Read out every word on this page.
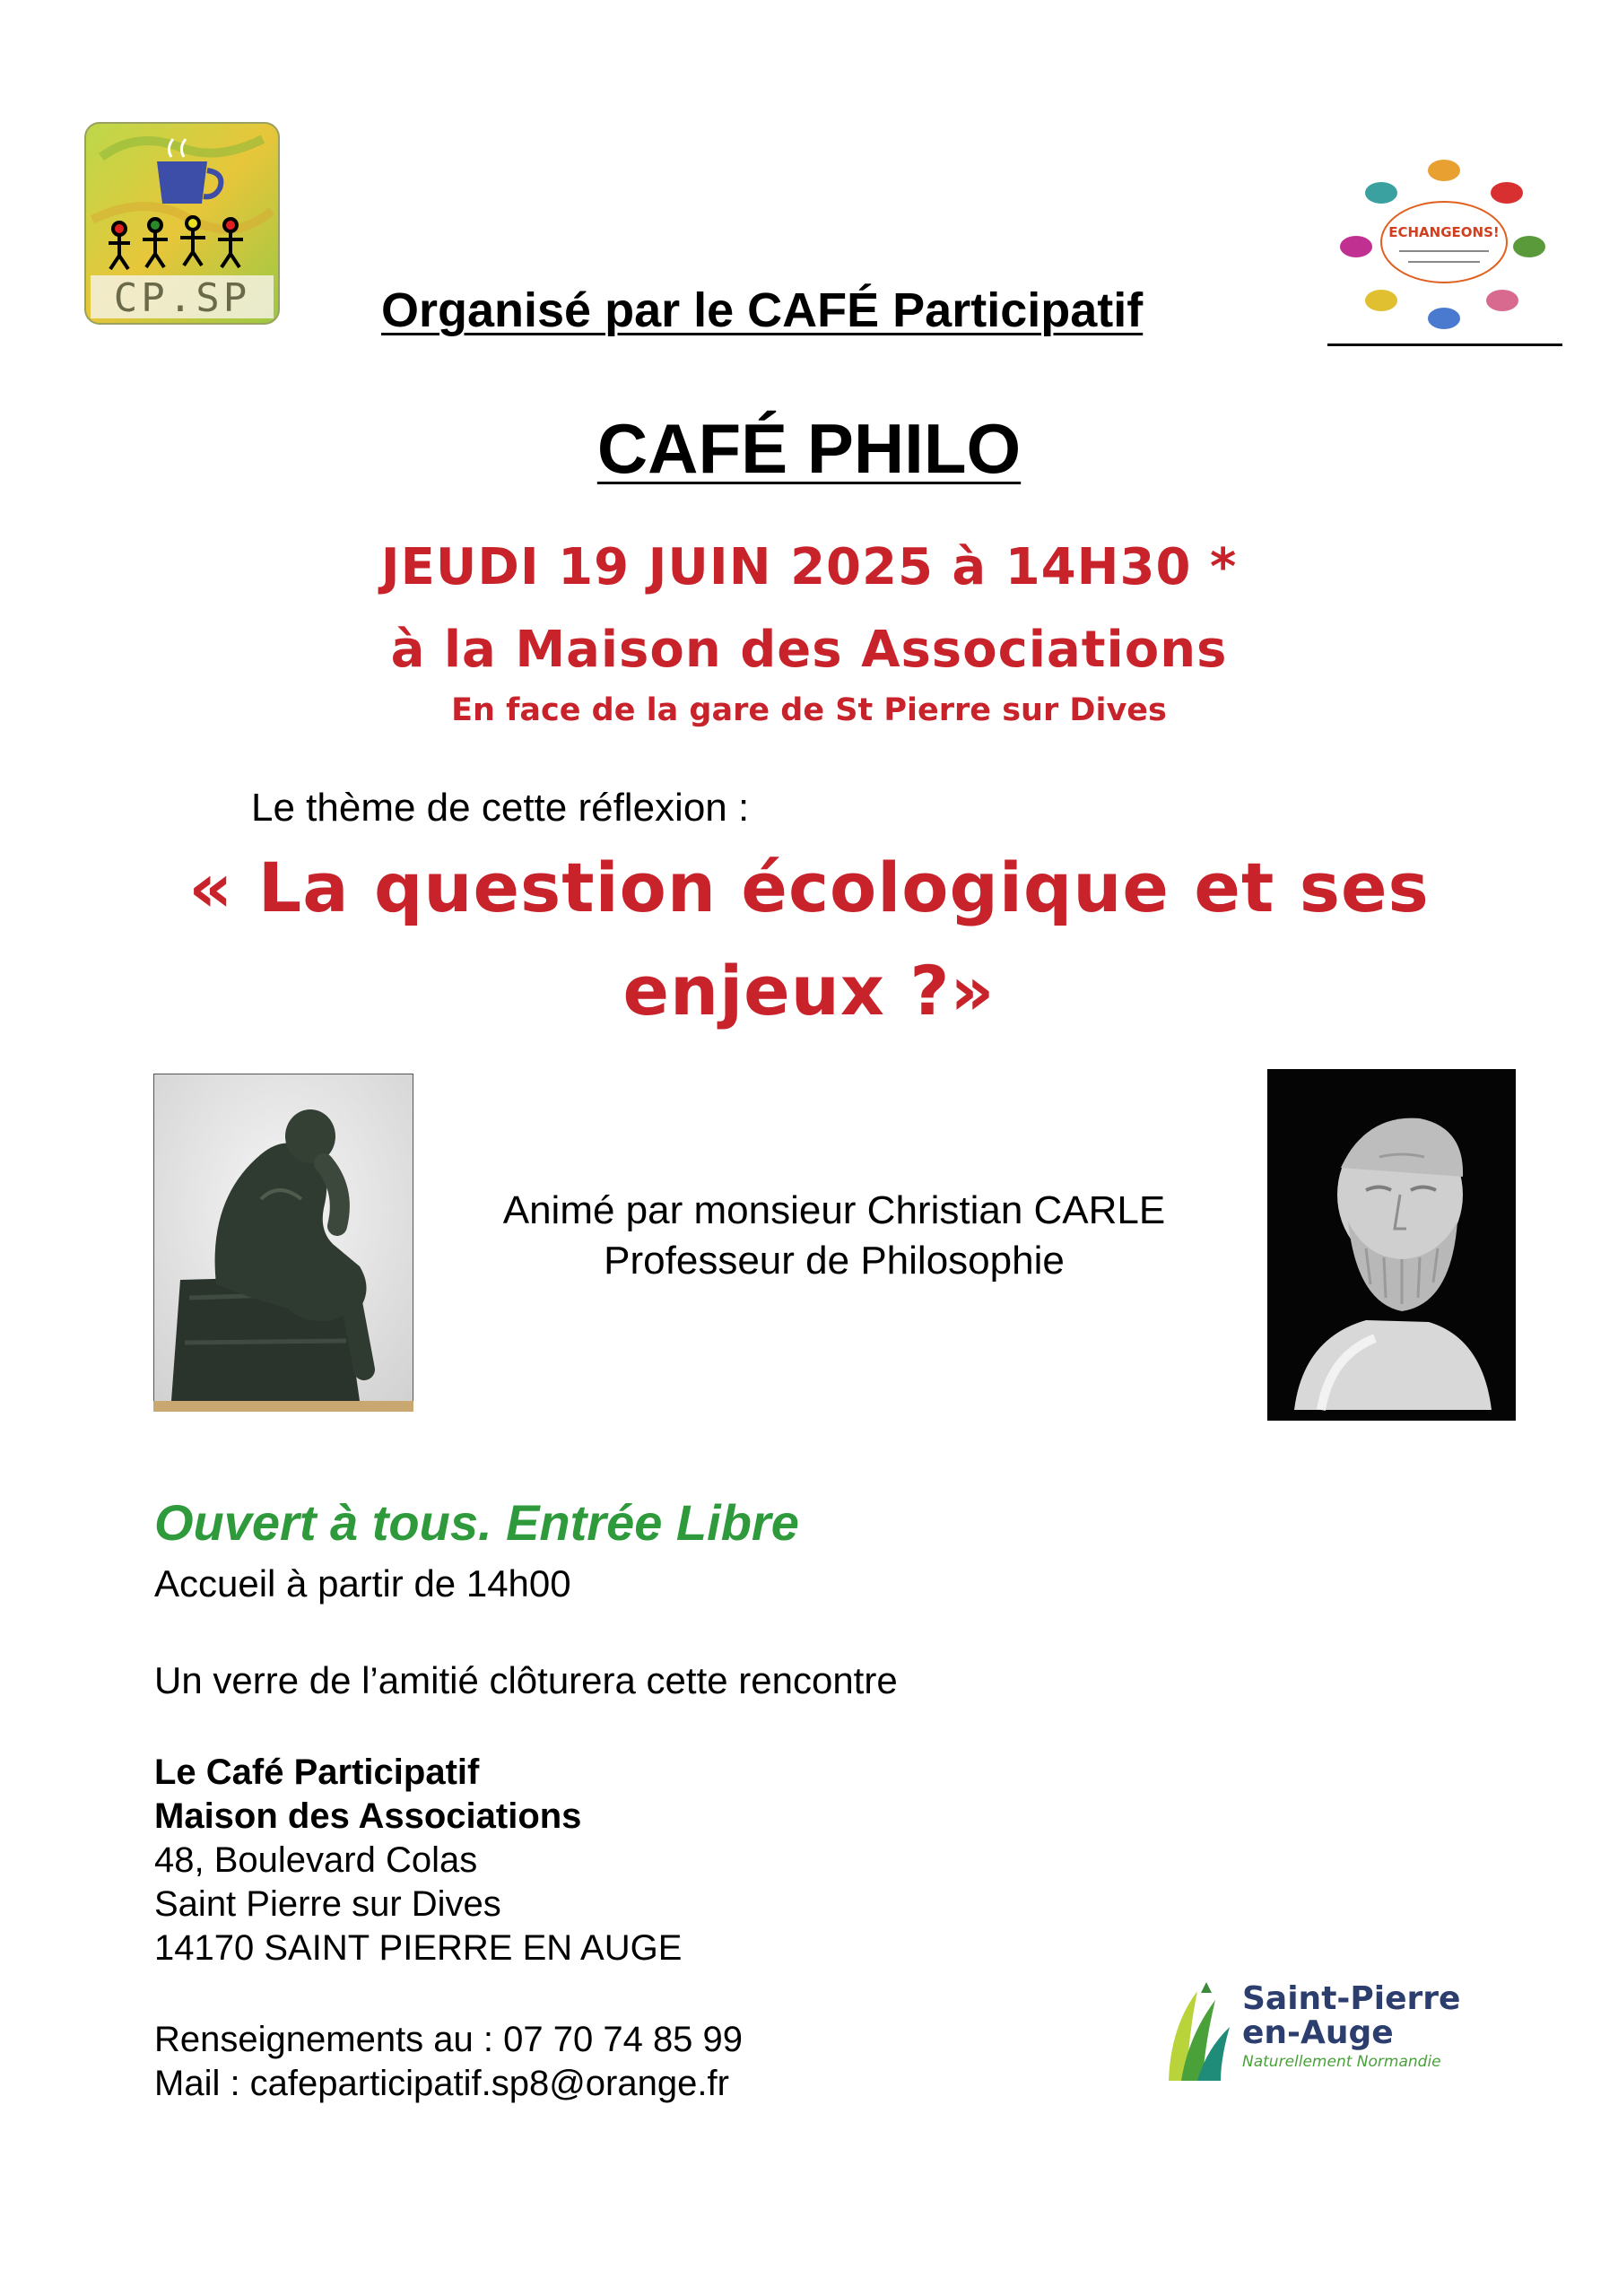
CP.SP
ECHANGEONS!

Organisé par le CAFÉ Participatif

CAFÉ PHILO

JEUDI 19 JUIN 2025 à 14H30 *

à la Maison des Associations

En face de la gare de St Pierre sur Dives

Le thème de cette réflexion :

« La question écologique et ses

enjeux ?»

Animé par monsieur Christian CARLE

Professeur de Philosophie

Ouvert à tous. Entrée Libre

Accueil à partir de 14h00

Un verre de l’amitié clôturera cette rencontre

Le Café Participatif

Maison des Associations

48, Boulevard Colas

Saint Pierre sur Dives

14170 SAINT PIERRE EN AUGE

Renseignements au : 07 70 74 85 99

Mail : cafeparticipatif.sp8@orange.fr

Saint-Pierre

en-Auge

Naturellement Normandie
